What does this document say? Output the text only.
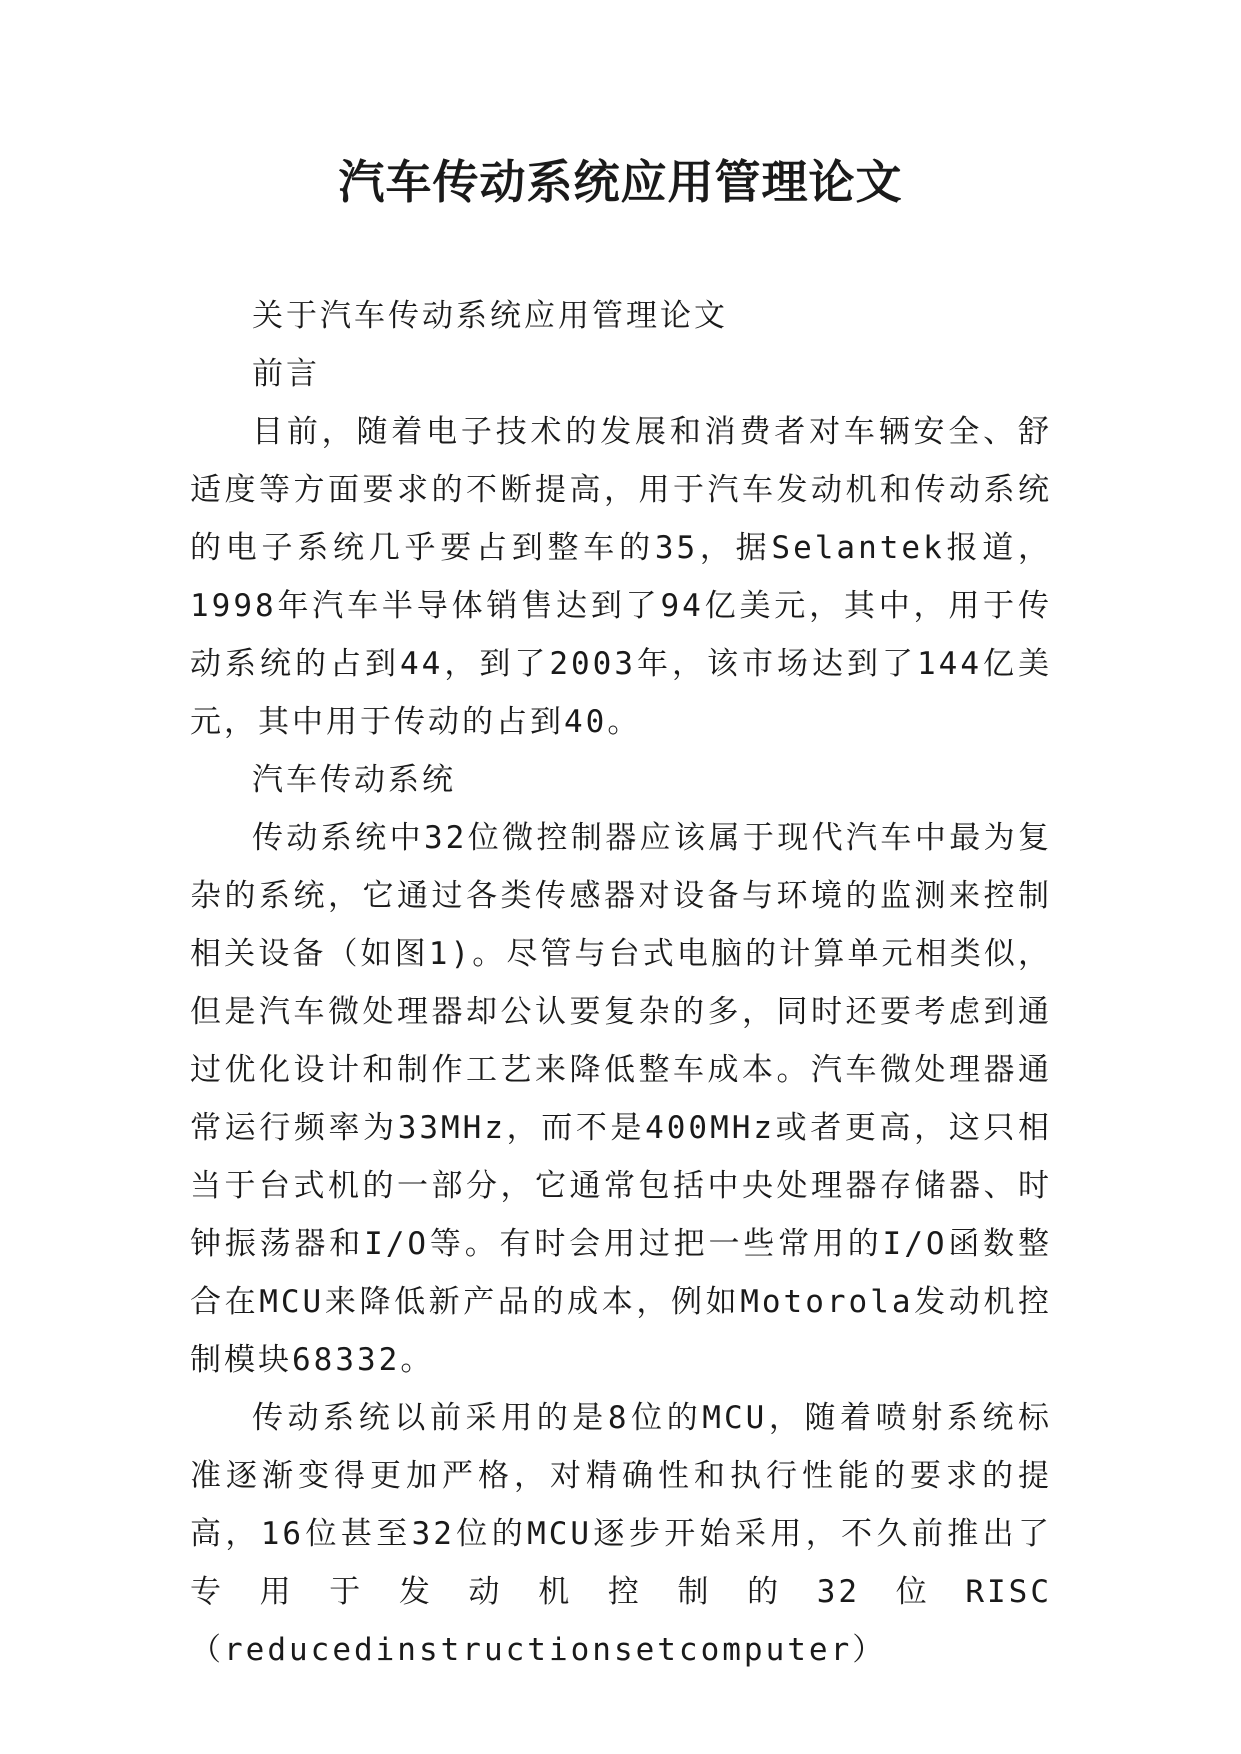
汽车传动系统应用管理论文

关于汽车传动系统应用管理论文

前言

目前，随着电子技术的发展和消费者对车辆安全、舒适度等方面要求的不断提高，用于汽车发动机和传动系统的电子系统几乎要占到整车的35，据Selantek报道，1998年汽车半导体销售达到了94亿美元，其中，用于传动系统的占到44，到了2003年，该市场达到了144亿美元，其中用于传动的占到40。

汽车传动系统

传动系统中32位微控制器应该属于现代汽车中最为复杂的系统，它通过各类传感器对设备与环境的监测来控制相关设备（如图1)。尽管与台式电脑的计算单元相类似，但是汽车微处理器却公认要复杂的多，同时还要考虑到通过优化设计和制作工艺来降低整车成本。汽车微处理器通常运行频率为33MHz，而不是400MHz或者更高，这只相当于台式机的一部分，它通常包括中央处理器存储器、时钟振荡器和I/O等。有时会用过把一些常用的I/O函数整合在MCU来降低新产品的成本，例如Motorola发动机控制模块68332。

传动系统以前采用的是8位的MCU，随着喷射系统标准逐渐变得更加严格，对精确性和执行性能的要求的提高，16位甚至32位的MCU逐步开始采用，不久前推出了专用于发动机控制的32位RISC（reducedinstructionsetcomputer）
